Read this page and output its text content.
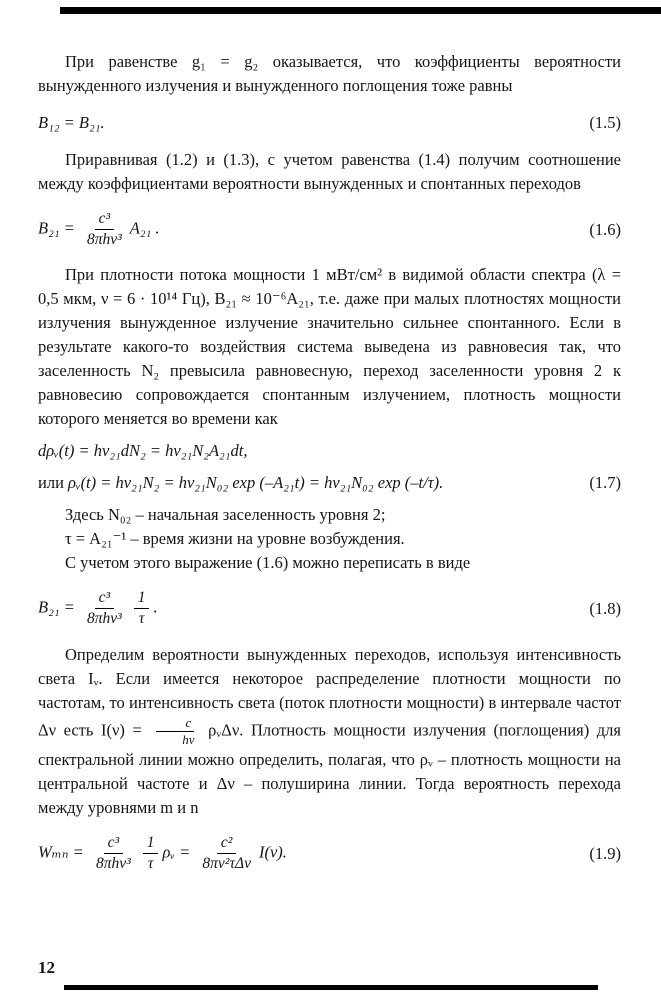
При равенстве g₁ = g₂ оказывается, что коэффициенты вероятности вынужденного излучения и вынужденного поглощения тоже равны

B₁₂ = B₂₁.	(1.5)

Приравнивая (1.2) и (1.3), с учетом равенства (1.4) получим соотношение между коэффициентами вероятности вынужденных и спонтанных переходов

$B_{21} = \frac{\text{c³}}{\text{8πhν³}} A_{21}$ .	(1.6)

При плотности потока мощности 1 мВт/см² в видимой области спектра (λ = 0,5 мкм, ν = 6 · 10¹⁴ Гц), B₂₁ ≈ 10⁻⁶A₂₁, т.е. даже при малых плотностях мощности излучения вынужденное излучение значительно сильнее спонтанного. Если в результате какого-то воздействия система выведена из равновесия так, что заселенность N₂ превысила равновесную, переход заселенности уровня 2 к равновесию сопровождается спонтанным излучением, плотность мощности которого меняется во времени как

dρᵥ(t) = hν₂₁dN₂ = hν₂₁N₂A₂₁dt,
или ρᵥ(t) = hν₂₁N₂ = hν₂₁N₀₂ exp (–A₂₁t) = hν₂₁N₀₂ exp (–t/τ).	(1.7)

Здесь N₀₂ – начальная заселенность уровня 2;

τ = A₂₁⁻¹ – время жизни на уровне возбуждения.

С учетом этого выражение (1.6) можно переписать в виде

$B_{21} = \frac{\text{c³}}{\text{8πhν³}} \frac{1}{\tau}$ .	(1.8)

Определим вероятности вынужденных переходов, используя интенсивность света Iᵥ. Если имеется некоторое распределение плотности мощности по частотам, то интенсивность света (поток плотности мощности) в интервале частот Δν есть $I(\nu) = \frac{c}{h\nu}$ ρᵥΔν. Плотность мощности излучения (поглощения) для спектральной линии можно определить, полагая, что ρᵥ – плотность мощности на центральной частоте и Δν – полуширина линии. Тогда вероятность перехода между уровнями m и n

$W_{mn} = \frac{\text{c³}}{\text{8πhν³}} \frac{1}{\tau}$ ρᵥ = $\frac{\text{c²}}{\text{8πν²τΔν}} I(\nu)$.	(1.9)
12
